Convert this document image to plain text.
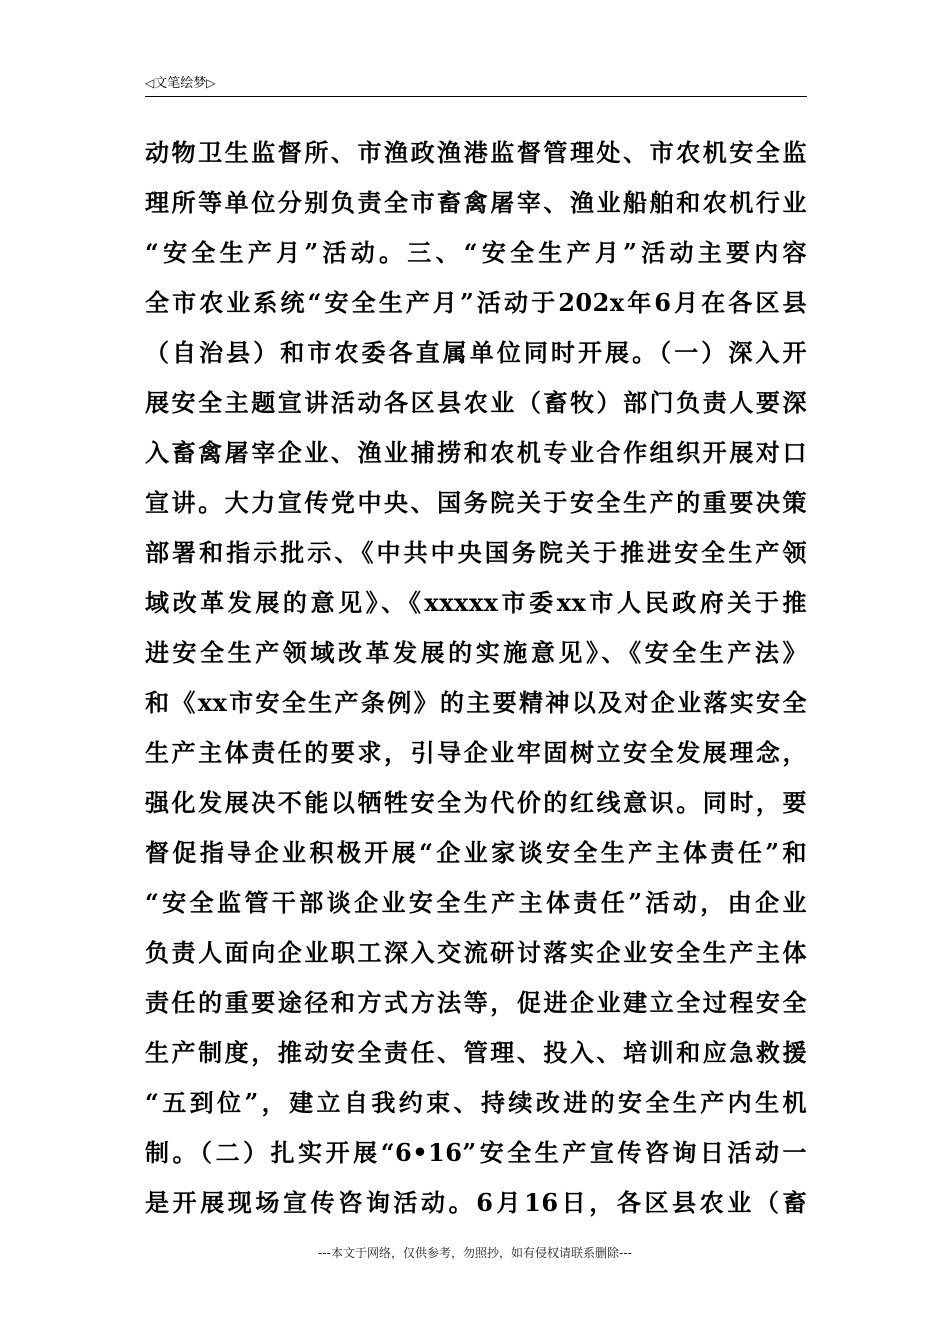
◁文笔绘梦▷
动物卫生监督所、市渔政渔港监督管理处、市农机安全监
理所等单位分别负责全市畜禽屠宰、渔业船舶和农机行业
“安全生产月”活动。三、“安全生产月”活动主要内容
全市农业系统“安全生产月”活动于202x年6月在各区县
（自治县）和市农委各直属单位同时开展。（一）深入开
展安全主题宣讲活动各区县农业（畜牧）部门负责人要深
入畜禽屠宰企业、渔业捕捞和农机专业合作组织开展对口
宣讲。大力宣传党中央、国务院关于安全生产的重要决策
部署和指示批示、《中共中央国务院关于推进安全生产领
域改革发展的意见》、《xxxxx市委xx市人民政府关于推
进安全生产领域改革发展的实施意见》、《安全生产法》
和《xx市安全生产条例》的主要精神以及对企业落实安全
生产主体责任的要求，引导企业牢固树立安全发展理念，
强化发展决不能以牺牲安全为代价的红线意识。同时，要
督促指导企业积极开展“企业家谈安全生产主体责任”和
“安全监管干部谈企业安全生产主体责任”活动，由企业
负责人面向企业职工深入交流研讨落实企业安全生产主体
责任的重要途径和方式方法等，促进企业建立全过程安全
生产制度，推动安全责任、管理、投入、培训和应急救援
“五到位”，建立自我约束、持续改进的安全生产内生机
制。（二）扎实开展“6•16”安全生产宣传咨询日活动一
是开展现场宣传咨询活动。6月16日，各区县农业（畜
---本文于网络，仅供参考，勿照抄，如有侵权请联系删除---
